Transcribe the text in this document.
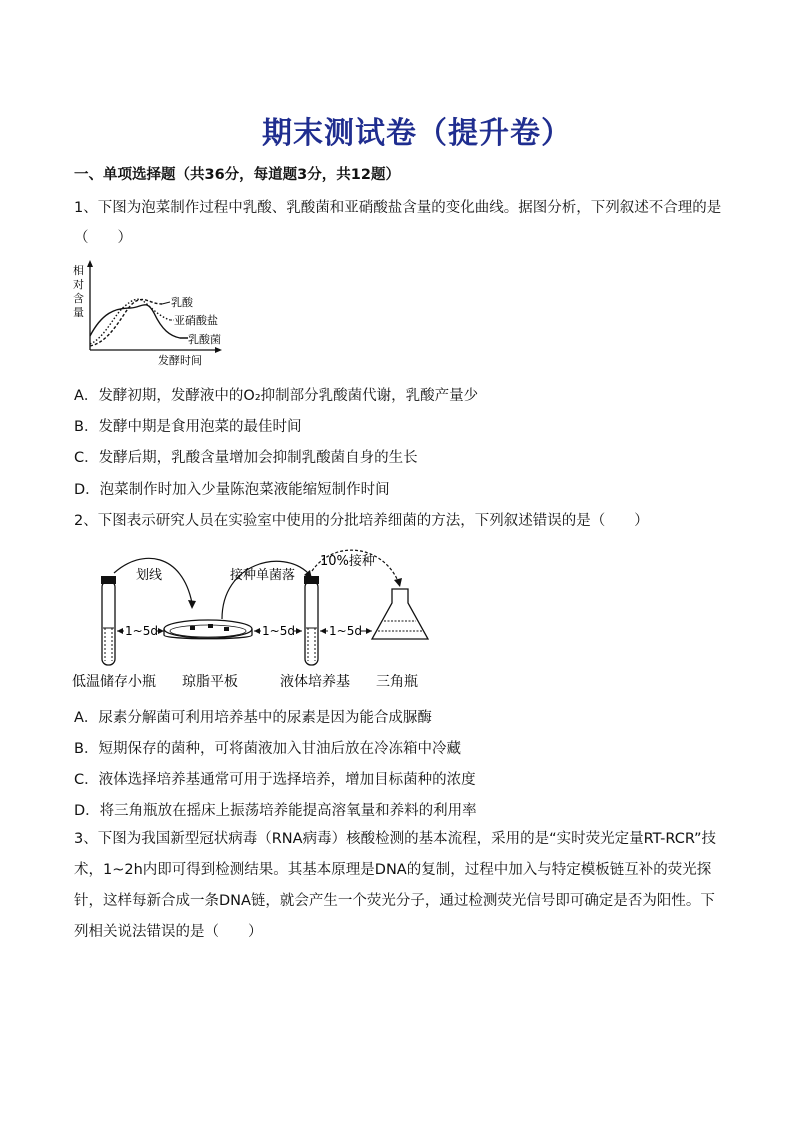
期末测试卷（提升卷）
一、单项选择题（共36分，每道题3分，共12题）
1、下图为泡菜制作过程中乳酸、乳酸菌和亚硝酸盐含量的变化曲线。据图分析，下列叙述不合理的是
（　　）
相
对
含
量
乳酸
亚硝酸盐
乳酸菌
发酵时间
A．发酵初期，发酵液中的O₂抑制部分乳酸菌代谢，乳酸产量少
B．发酵中期是食用泡菜的最佳时间
C．发酵后期，乳酸含量增加会抑制乳酸菌自身的生长
D．泡菜制作时加入少量陈泡菜液能缩短制作时间
2、下图表示研究人员在实验室中使用的分批培养细菌的方法，下列叙述错误的是（　　）
划线
1~5d
接种单菌落
1~5d
10%接种
1~5d
低温储存小瓶 琼脂平板	液体培养基 三角瓶
A．尿素分解菌可利用培养基中的尿素是因为能合成脲酶
B．短期保存的菌种，可将菌液加入甘油后放在冷冻箱中冷藏
C．液体选择培养基通常可用于选择培养，增加目标菌种的浓度
D．将三角瓶放在摇床上振荡培养能提高溶氧量和养料的利用率
3、下图为我国新型冠状病毒（RNA病毒）核酸检测的基本流程，采用的是“实时荧光定量RT-RCR”技术，1~2h内即可得到检测结果。其基本原理是DNA的复制，过程中加入与特定模板链互补的荧光探针，这样每新合成一条DNA链，就会产生一个荧光分子，通过检测荧光信号即可确定是否为阳性。下列相关说法错误的是（　　）
